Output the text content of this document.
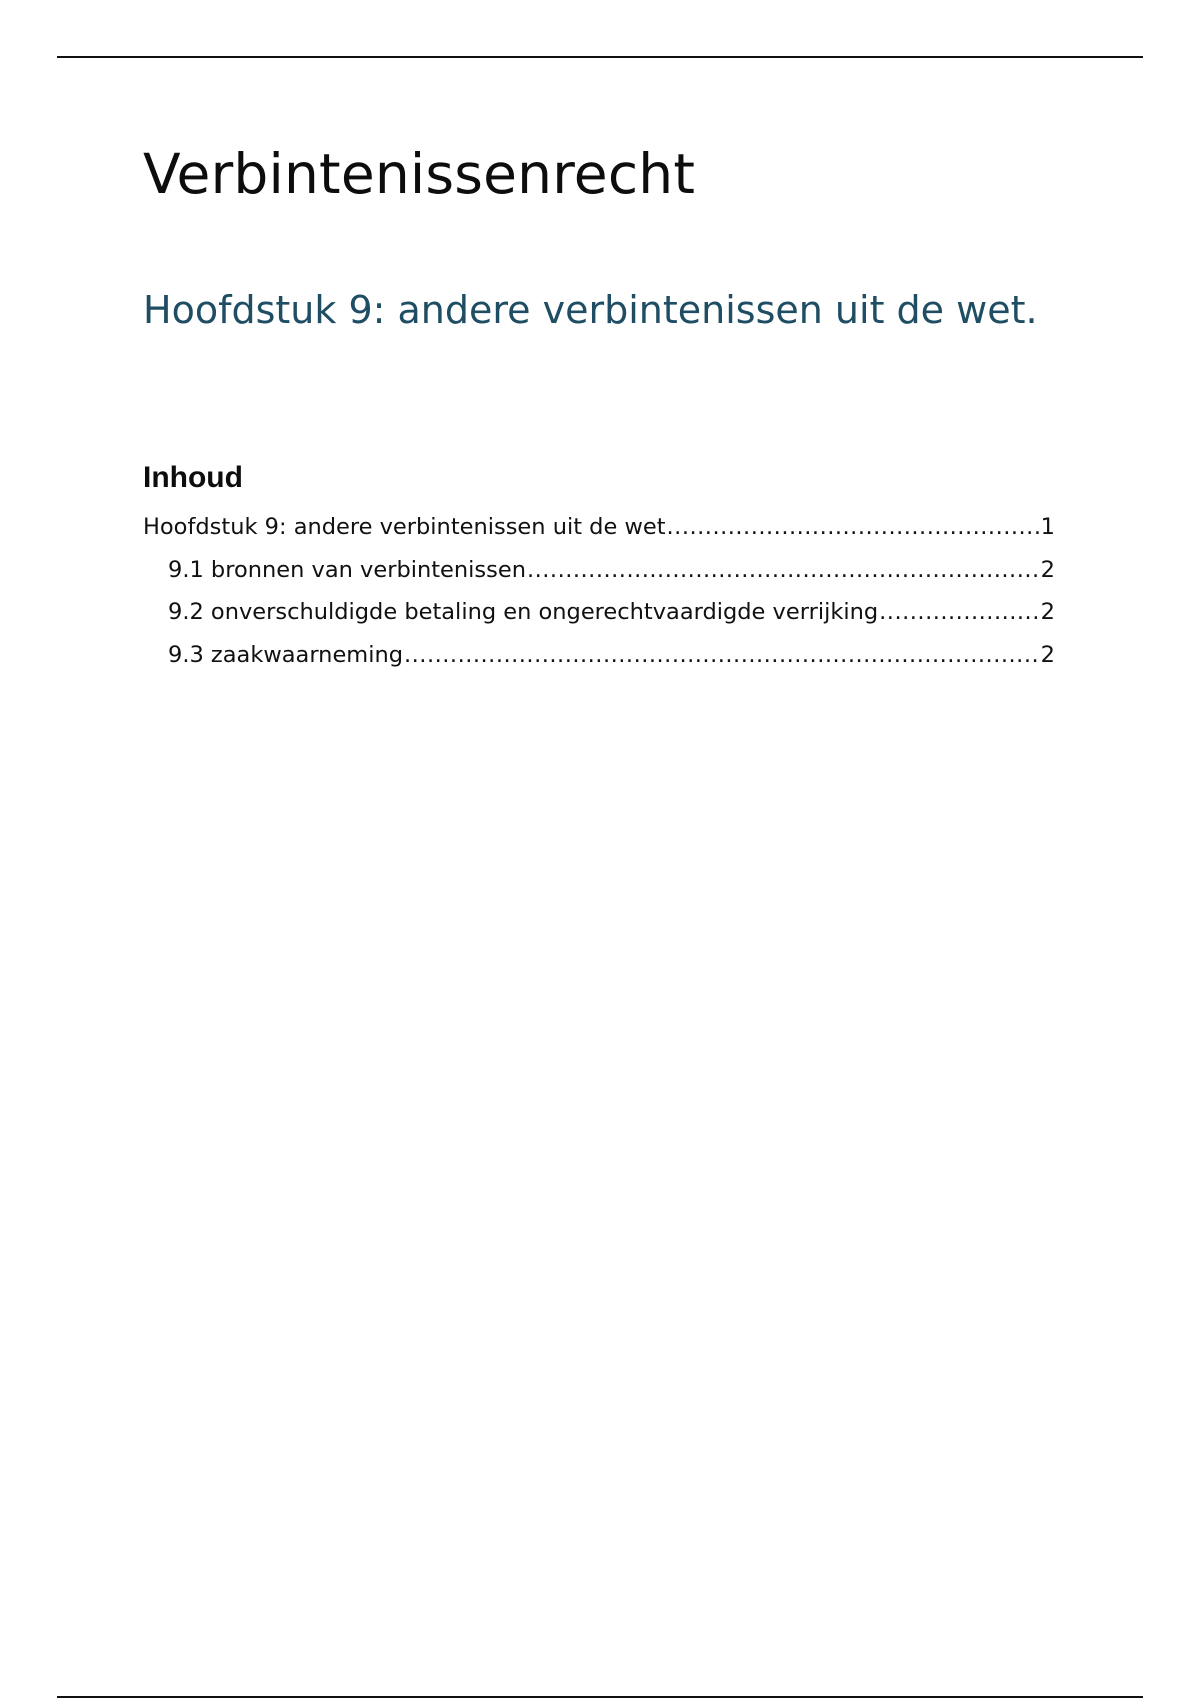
Verbintenissenrecht
Hoofdstuk 9: andere verbintenissen uit de wet.
Inhoud
Hoofdstuk 9: andere verbintenissen uit de wet .....	1
9.1 bronnen van verbintenissen .....	2
9.2 onverschuldigde betaling en ongerechtvaardigde verrijking .....	2
9.3 zaakwaarneming .....	2
